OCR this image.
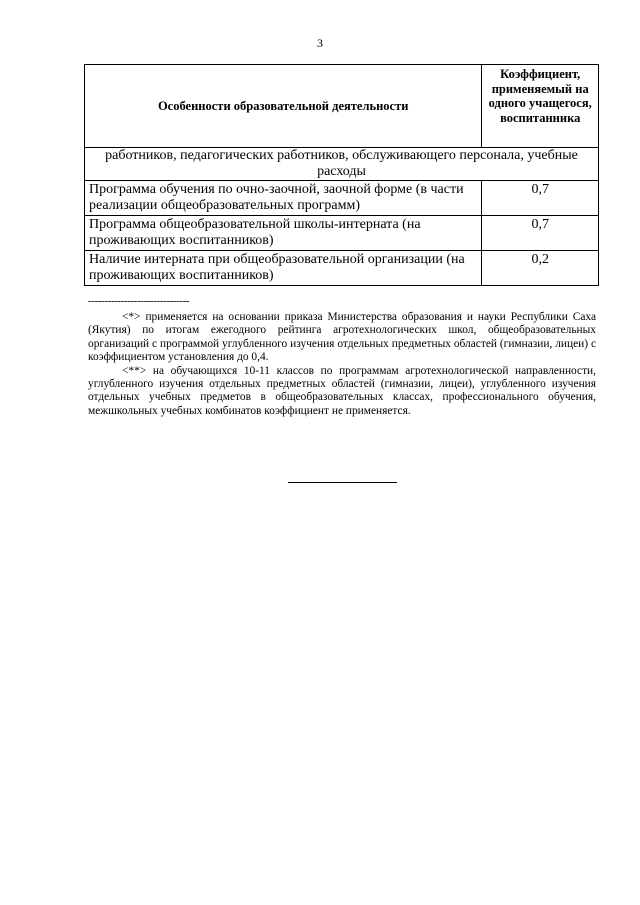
3
Особенности образовательной деятельности	Коэффициент, применяемый на одного учащегося, воспитанника
работников, педагогических работников, обслуживающего персонала, учебные расходы	
Программа обучения по очно-заочной, заочной форме (в части реализации общеобразовательных программ)	0,7
Программа общеобразовательной школы-интерната (на проживающих воспитанников)	0,7
Наличие интерната при общеобразовательной организации (на проживающих воспитанников)	0,2
-------------------------------

<*> применяется на основании приказа Министерства образования и науки Республики Саха (Якутия) по итогам ежегодного рейтинга агротехнологических школ, общеобразовательных организаций с программой углубленного изучения отдельных предметных областей (гимназии, лицеи) с коэффициентом установления до 0,4.

<**> на обучающихся 10-11 классов по программам агротехнологической направленности, углубленного изучения отдельных предметных областей (гимназии, лицеи), углубленного изучения отдельных учебных предметов в общеобразовательных классах, профессионального обучения, межшкольных учебных комбинатов коэффициент не применяется.
